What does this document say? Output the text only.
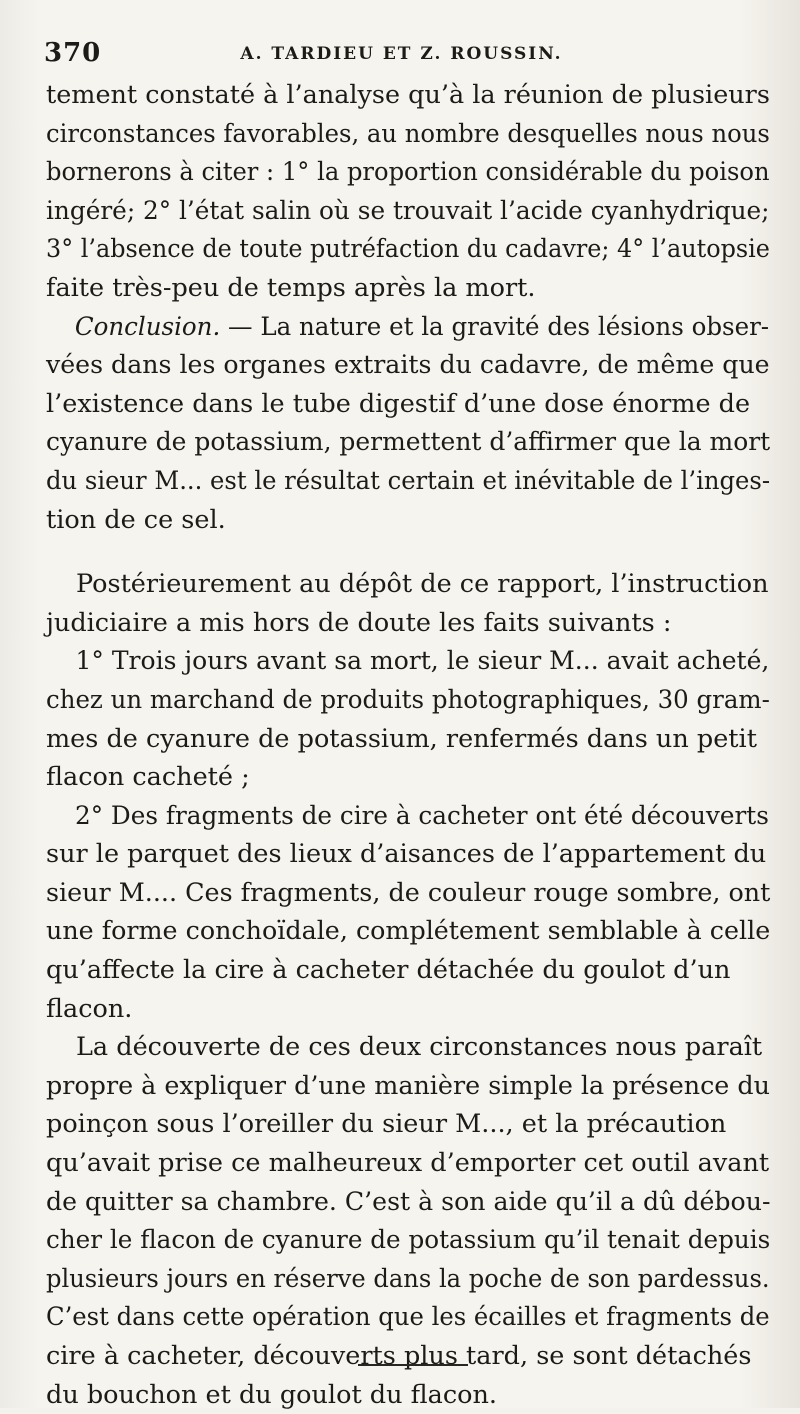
370	A. TARDIEU ET Z. ROUSSIN.

tement constaté à l’analyse qu’à la réunion de plusieurs
circonstances favorables, au nombre desquelles nous nous
bornerons à citer : 1° la proportion considérable du poison
ingéré; 2° l’état salin où se trouvait l’acide cyanhydrique;
3° l’absence de toute putréfaction du cadavre; 4° l’autopsie
faite très-peu de temps après la mort.

Conclusion. — La nature et la gravité des lésions obser-
vées dans les organes extraits du cadavre, de même que
l’existence dans le tube digestif d’une dose énorme de
cyanure de potassium, permettent d’affirmer que la mort
du sieur M... est le résultat certain et inévitable de l’inges-
tion de ce sel.

Postérieurement au dépôt de ce rapport, l’instruction
judiciaire a mis hors de doute les faits suivants :

1° Trois jours avant sa mort, le sieur M... avait acheté,
chez un marchand de produits photographiques, 30 gram-
mes de cyanure de potassium, renfermés dans un petit
flacon cacheté ;

2° Des fragments de cire à cacheter ont été découverts
sur le parquet des lieux d’aisances de l’appartement du
sieur M.... Ces fragments, de couleur rouge sombre, ont
une forme conchoïdale, complétement semblable à celle
qu’affecte la cire à cacheter détachée du goulot d’un
flacon.

La découverte de ces deux circonstances nous paraît
propre à expliquer d’une manière simple la présence du
poinçon sous l’oreiller du sieur M..., et la précaution
qu’avait prise ce malheureux d’emporter cet outil avant
de quitter sa chambre. C’est à son aide qu’il a dû débou-
cher le flacon de cyanure de potassium qu’il tenait depuis
plusieurs jours en réserve dans la poche de son pardessus.
C’est dans cette opération que les écailles et fragments de
cire à cacheter, découverts plus tard, se sont détachés
du bouchon et du goulot du flacon.
